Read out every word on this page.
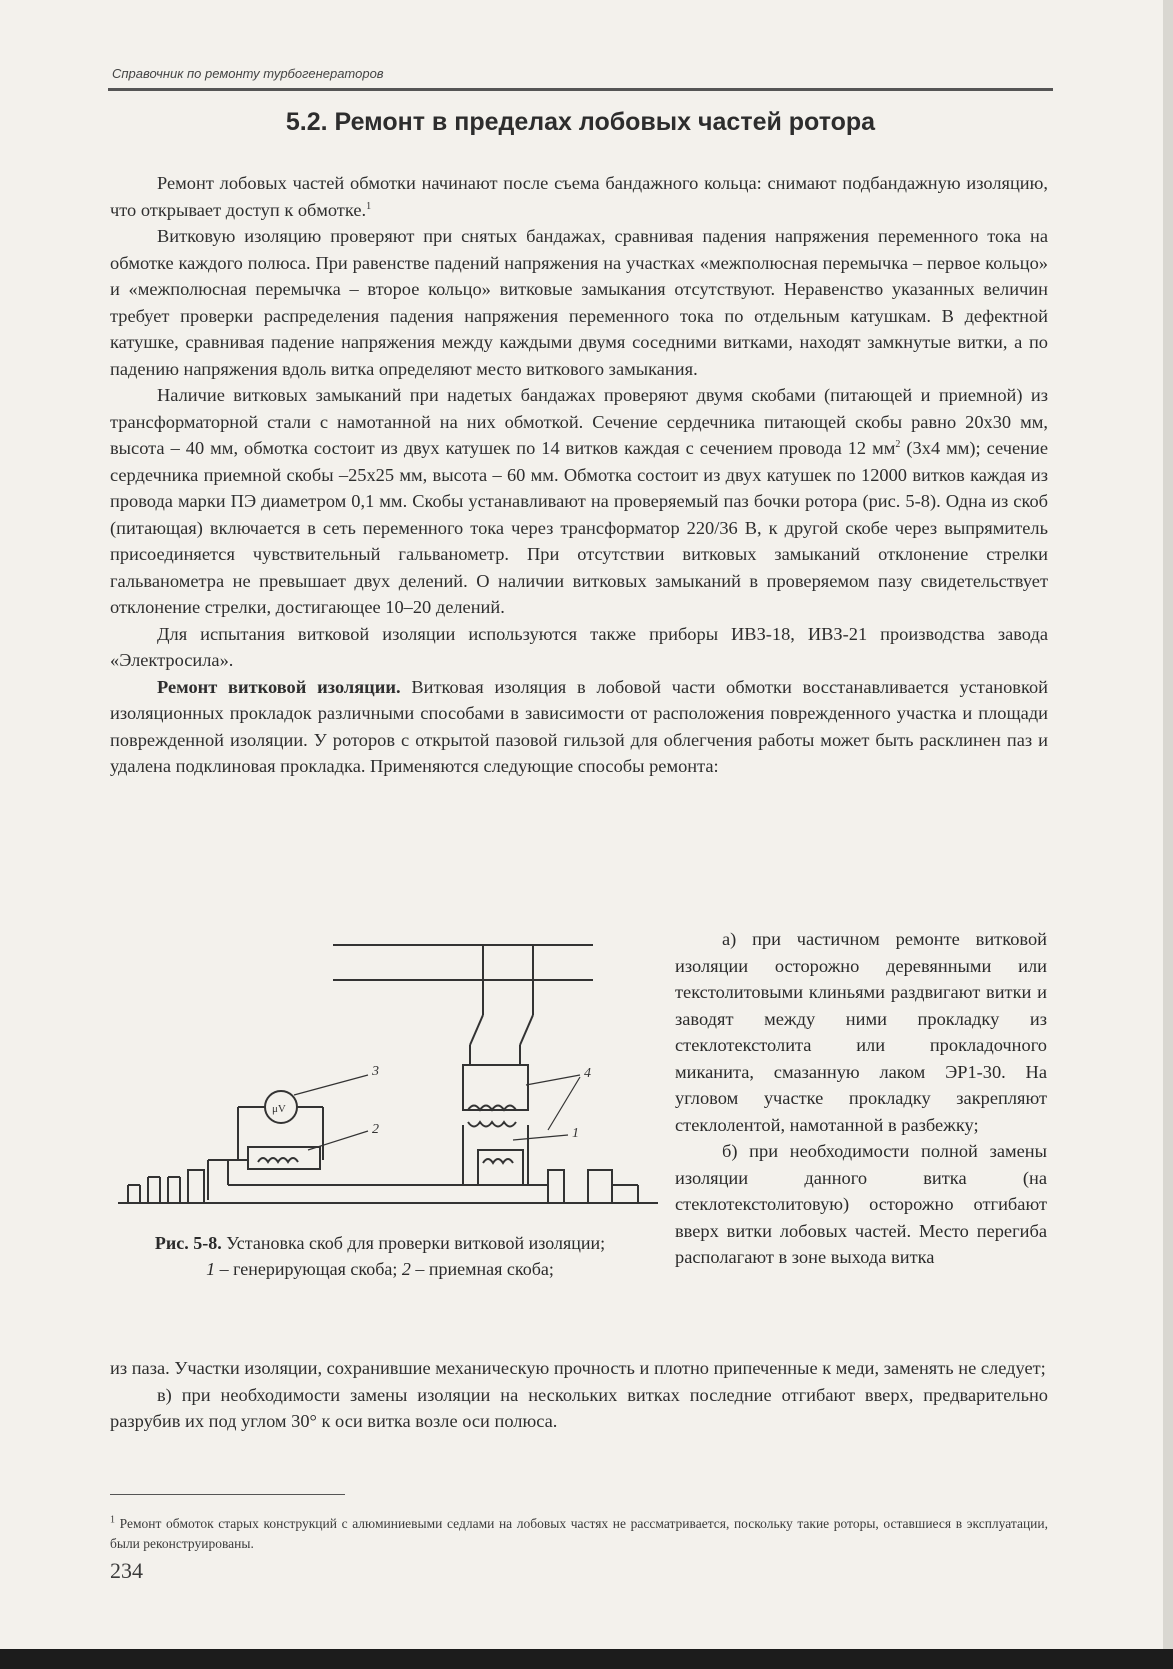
Справочник по ремонту турбогенераторов
5.2. Ремонт в пределах лобовых частей ротора

Ремонт лобовых частей обмотки начинают после съема бандажного кольца: снимают подбандажную изоляцию, что открывает доступ к обмотке.$^1$

Витковую изоляцию проверяют при снятых бандажах, сравнивая падения напряжения переменного тока на обмотке каждого полюса. При равенстве падений напряжения на участках «межполюсная перемычка – первое кольцо» и «межполюсная перемычка – второе кольцо» витковые замыкания отсутствуют. Неравенство указанных величин требует проверки распределения падения напряжения переменного тока по отдельным катушкам. В дефектной катушке, сравнивая падение напряжения между каждыми двумя соседними витками, находят замкнутые витки, а по падению напряжения вдоль витка определяют место виткового замыкания.

Наличие витковых замыканий при надетых бандажах проверяют двумя скобами (питающей и приемной) из трансформаторной стали с намотанной на них обмоткой. Сечение сердечника питающей скобы равно 20х30 мм, высота – 40 мм, обмотка состоит из двух катушек по 14 витков каждая с сечением провода 12 $мм^2$ (3х4 мм); сечение сердечника приемной скобы –25х25 мм, высота – 60 мм. Обмотка состоит из двух катушек по 12000 витков каждая из провода марки ПЭ диаметром 0,1 мм. Скобы устанавливают на проверяемый паз бочки ротора (рис. 5-8). Одна из скоб (питающая) включается в сеть переменного тока через трансформатор 220/36 В, к другой скобе через выпрямитель присоединяется чувствительный гальванометр. При отсутствии витковых замыканий отклонение стрелки гальванометра не превышает двух делений. О наличии витковых замыканий в проверяемом пазу свидетельствует отклонение стрелки, достигающее 10–20 делений.

Для испытания витковой изоляции используются также приборы ИВЗ-18, ИВЗ-21 производства завода «Электросила».

Ремонт витковой изоляции. Витковая изоляция в лобовой части обмотки восстанавливается установкой изоляционных прокладок различными способами в зависимости от расположения поврежденного участка и площади поврежденной изоляции. У роторов с открытой пазовой гильзой для облегчения работы может быть расклинен паз и удалена подклиновая прокладка. Применяются следующие способы ремонта:

3
2	1
4
μV
Рис. 5-8. Установка скоб для проверки витковой изоляции;
1 – генерирующая скоба; 2 – приемная скоба;

а) при частичном ремонте витковой изоляции осторожно деревянными или текстолитовыми клиньями раздвигают витки и заводят между ними прокладку из стеклотекстолита или прокладочного миканита, смазанную лаком ЭР1-30. На угловом участке прокладку закрепляют стеклолентой, намотанной в разбежку;

б) при необходимости полной замены изоляции данного витка (на стеклотекстолитовую) осторожно отгибают вверх витки лобовых частей. Место перегиба располагают в зоне выхода витка

из паза. Участки изоляции, сохранившие механическую прочность и плотно припеченные к меди, заменять не следует;

в) при необходимости замены изоляции на нескольких витках последние отгибают вверх, предварительно разрубив их под углом 30° к оси витка возле оси полюса.

$^1$ Ремонт обмоток старых конструкций с алюминиевыми седлами на лобовых частях не рассматривается, поскольку такие роторы, оставшиеся в эксплуатации, были реконструированы.
234
